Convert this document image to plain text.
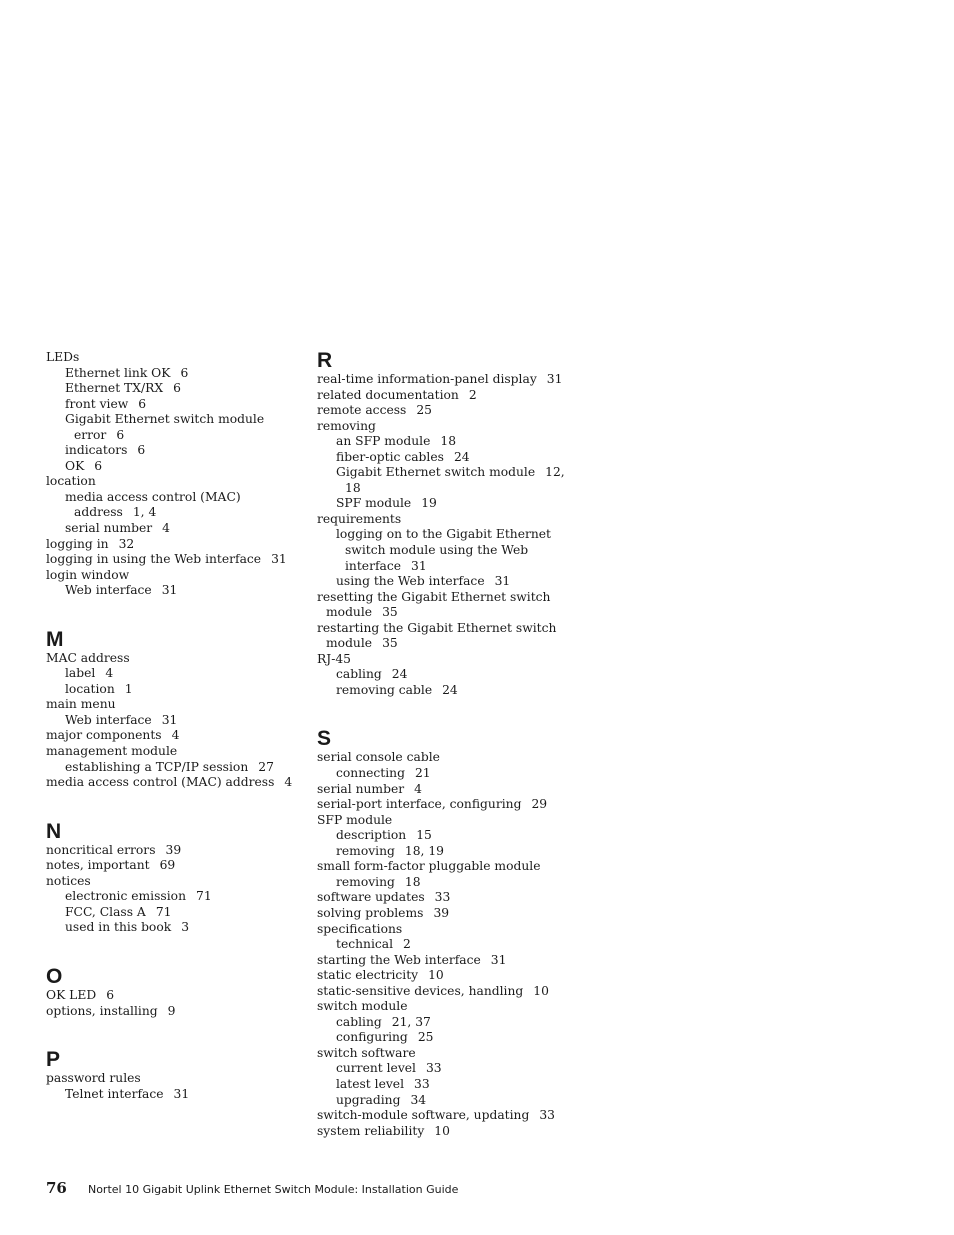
LEDs
Ethernet link OK 6
Ethernet TX/RX 6
front view 6
Gigabit Ethernet switch module
error 6
indicators 6
OK 6
location
media access control (MAC)
address 1, 4
serial number 4
logging in 32
logging in using the Web interface 31
login window
Web interface 31
M
MAC address
label 4
location 1
main menu
Web interface 31
major components 4
management module
establishing a TCP/IP session 27
media access control (MAC) address 4
N
noncritical errors 39
notes, important 69
notices
electronic emission 71
FCC, Class A 71
used in this book 3
O
OK LED 6
options, installing 9
P
password rules
Telnet interface 31
R
real-time information-panel display 31
related documentation 2
remote access 25
removing
an SFP module 18
fiber-optic cables 24
Gigabit Ethernet switch module 12,
18
SPF module 19
requirements
logging on to the Gigabit Ethernet
switch module using the Web
interface 31
using the Web interface 31
resetting the Gigabit Ethernet switch
module 35
restarting the Gigabit Ethernet switch
module 35
RJ-45
cabling 24
removing cable 24
S
serial console cable
connecting 21
serial number 4
serial-port interface, configuring 29
SFP module
description 15
removing 18, 19
small form-factor pluggable module
removing 18
software updates 33
solving problems 39
specifications
technical 2
starting the Web interface 31
static electricity 10
static-sensitive devices, handling 10
switch module
cabling 21, 37
configuring 25
switch software
current level 33
latest level 33
upgrading 34
switch-module software, updating 33
system reliability 10
76 Nortel 10 Gigabit Uplink Ethernet Switch Module: Installation Guide
